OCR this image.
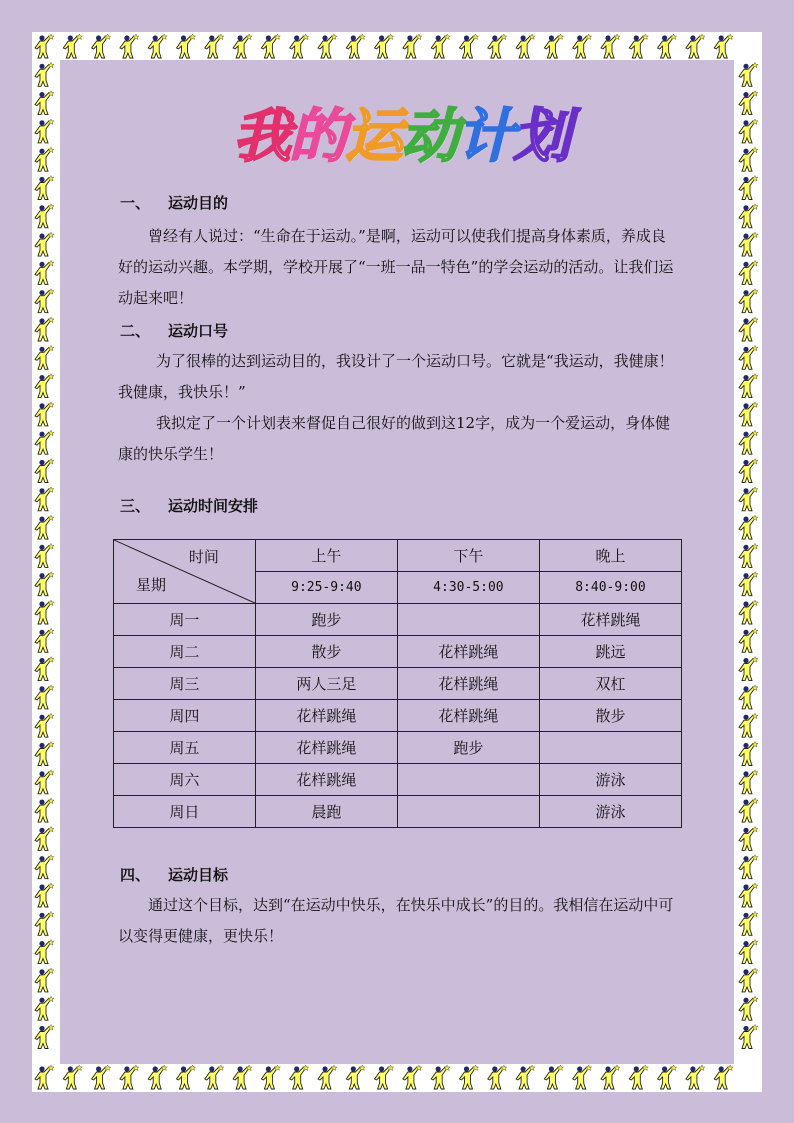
我
的
运
动
计
划
一、 运动目的
曾经有人说过：“生命在于运动。”是啊，运动可以使我们提高身体素质，养成良好的运动兴趣。本学期，学校开展了“一班一品一特色”的学会运动的活动。让我们运动起来吧！
二、 运动口号
为了很棒的达到运动目的，我设计了一个运动口号。它就是“我运动，我健康！我健康，我快乐！”
我拟定了一个计划表来督促自己很好的做到这12字，成为一个爱运动，身体健康的快乐学生！
三、 运动时间安排
时间
星期	上午	下午	晚上
	9:25-9:40	4:30-5:00	8:40-9:00
周一	跑步		花样跳绳
周二	散步	花样跳绳	跳远
周三	两人三足	花样跳绳	双杠
周四	花样跳绳	花样跳绳	散步
周五	花样跳绳	跑步	
周六	花样跳绳		游泳
周日	晨跑		游泳
四、 运动目标
通过这个目标，达到“在运动中快乐，在快乐中成长”的目的。我相信在运动中可以变得更健康，更快乐！
